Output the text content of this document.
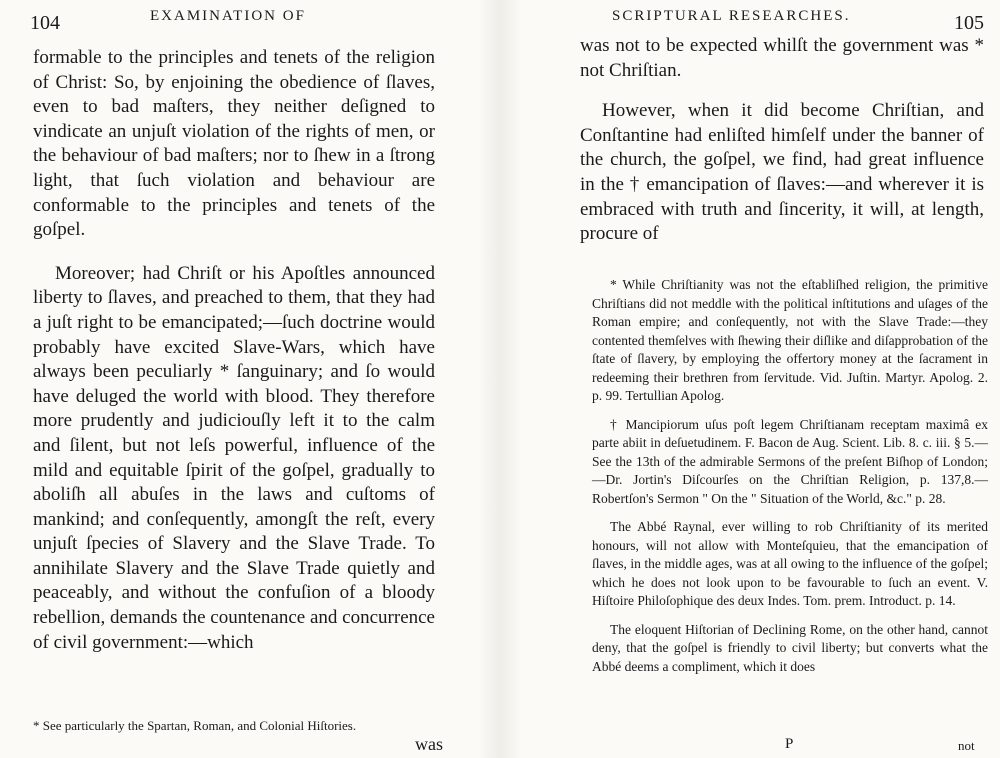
104	EXAMINATION OF

formable to the principles and tenets of the religion of Christ: So, by enjoining the obedience of ſlaves, even to bad maſters, they neither deſigned to vindicate an unjuſt violation of the rights of men, or the behaviour of bad maſters; nor to ſhew in a ſtrong light, that ſuch violation and behaviour are conformable to the principles and tenets of the goſpel.

Moreover; had Chriſt or his Apoſtles announced liberty to ſlaves, and preached to them, that they had a juſt right to be emancipated;—ſuch doctrine would probably have excited Slave-Wars, which have always been peculiarly * ſanguinary; and ſo would have deluged the world with blood. They therefore more prudently and judiciouſly left it to the calm and ſilent, but not leſs powerful, influence of the mild and equitable ſpirit of the goſpel, gradually to aboliſh all abuſes in the laws and cuſtoms of mankind; and conſequently, amongſt the reſt, every unjuſt ſpecies of Slavery and the Slave Trade. To annihilate Slavery and the Slave Trade quietly and peaceably, and without the confuſion of a bloody rebellion, demands the countenance and concurrence of civil government:—which

* See particularly the Spartan, Roman, and Colonial Hiſtories.
was
SCRIPTURAL RESEARCHES.	105

was not to be expected whilſt the government was * not Chriſtian.

However, when it did become Chriſtian, and Conſtantine had enliſted himſelf under the banner of the church, the goſpel, we find, had great influence in the † emancipation of ſlaves:—and wherever it is embraced with truth and ſincerity, it will, at length, procure of

* While Chriſtianity was not the eſtabliſhed religion, the primitive Chriſtians did not meddle with the political inſtitutions and uſages of the Roman empire; and conſequently, not with the Slave Trade:—they contented themſelves with ſhewing their diſlike and diſapprobation of the ſtate of ſlavery, by employing the offertory money at the ſacrament in redeeming their brethren from ſervitude. Vid. Juſtin. Martyr. Apolog. 2. p. 99. Tertullian Apolog.

† Mancipiorum uſus poſt legem Chriſtianam receptam maximâ ex parte abiit in deſuetudinem. F. Bacon de Aug. Scient. Lib. 8. c. iii. § 5.—See the 13th of the admirable Sermons of the preſent Biſhop of London;—Dr. Jortin's Diſcourſes on the Chriſtian Religion, p. 137,8.—Robertſon's Sermon " On the " Situation of the World, &c." p. 28.

The Abbé Raynal, ever willing to rob Chriſtianity of its merited honours, will not allow with Monteſquieu, that the emancipation of ſlaves, in the middle ages, was at all owing to the influence of the goſpel; which he does not look upon to be favourable to ſuch an event. V. Hiſtoire Philoſophique des deux Indes. Tom. prem. Introduct. p. 14.

The eloquent Hiſtorian of Declining Rome, on the other hand, cannot deny, that the goſpel is friendly to civil liberty; but converts what the Abbé deems a compliment, which it does

P	not
